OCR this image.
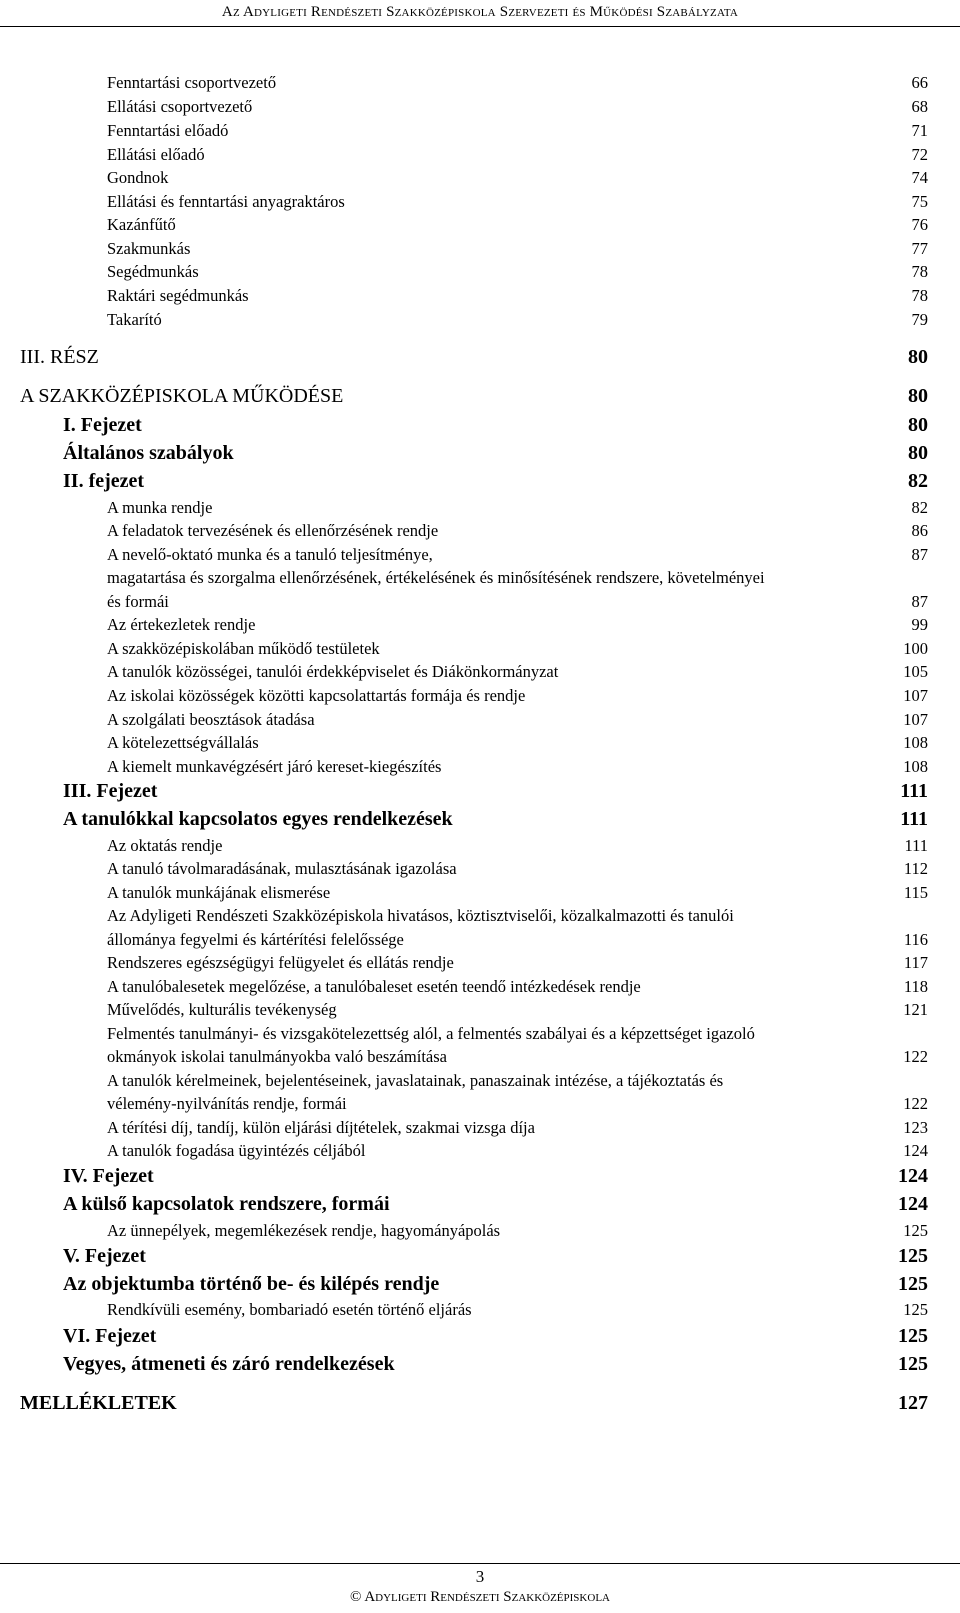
Az Adyligeti Rendészeti Szakközépiskola Szervezeti és Működési Szabályzata
Fenntartási csoportvezető	66
Ellátási csoportvezető	68
Fenntartási előadó	71
Ellátási előadó	72
Gondnok	74
Ellátási és fenntartási anyagraktáros	75
Kazánfűtő	76
Szakmunkás	77
Segédmunkás	78
Raktári segédmunkás	78
Takarító	79
III. RÉSZ	80
A SZAKKÖZÉPISKOLA MŰKÖDÉSE	80
I. Fejezet	80
Általános szabályok	80
II. fejezet	82
A munka rendje	82
A feladatok tervezésének és ellenőrzésének rendje	86
A nevelő-oktató munka és a tanuló teljesítménye,	87
magatartása és szorgalma ellenőrzésének, értékelésének és minősítésének rendszere, követelményei
és formái	87
Az értekezletek rendje	99
A szakközépiskolában működő testületek	100
A tanulók közösségei, tanulói érdekképviselet és Diákönkormányzat	105
Az iskolai közösségek közötti kapcsolattartás formája és rendje	107
A szolgálati beosztások átadása	107
A kötelezettségvállalás	108
A kiemelt munkavégzésért járó kereset-kiegészítés	108
III. Fejezet	111
A tanulókkal kapcsolatos egyes rendelkezések	111
Az oktatás rendje	111
A tanuló távolmaradásának, mulasztásának igazolása	112
A tanulók munkájának elismerése	115
Az Adyligeti Rendészeti Szakközépiskola hivatásos, köztisztviselői, közalkalmazotti és tanulói
állománya fegyelmi és kártérítési felelőssége	116
Rendszeres egészségügyi felügyelet és ellátás rendje	117
A tanulóbalesetek megelőzése, a tanulóbaleset esetén teendő intézkedések rendje	118
Művelődés, kulturális tevékenység	121
Felmentés tanulmányi- és vizsgakötelezettség alól, a felmentés szabályai és a képzettséget igazoló
okmányok iskolai tanulmányokba való beszámítása	122
A tanulók kérelmeinek, bejelentéseinek, javaslatainak, panaszainak intézése, a tájékoztatás és
vélemény-nyilvánítás rendje, formái	122
A térítési díj, tandíj, külön eljárási díjtételek, szakmai vizsga díja	123
A tanulók fogadása ügyintézés céljából	124
IV. Fejezet	124
A külső kapcsolatok rendszere, formái	124
Az ünnepélyek, megemlékezések rendje, hagyományápolás	125
V. Fejezet	125
Az objektumba történő be- és kilépés rendje	125
Rendkívüli esemény, bombariadó esetén történő eljárás	125
VI. Fejezet	125
Vegyes, átmeneti és záró rendelkezések	125
MELLÉKLETEK	127
3
© Adyligeti Rendészeti Szakközépiskola
